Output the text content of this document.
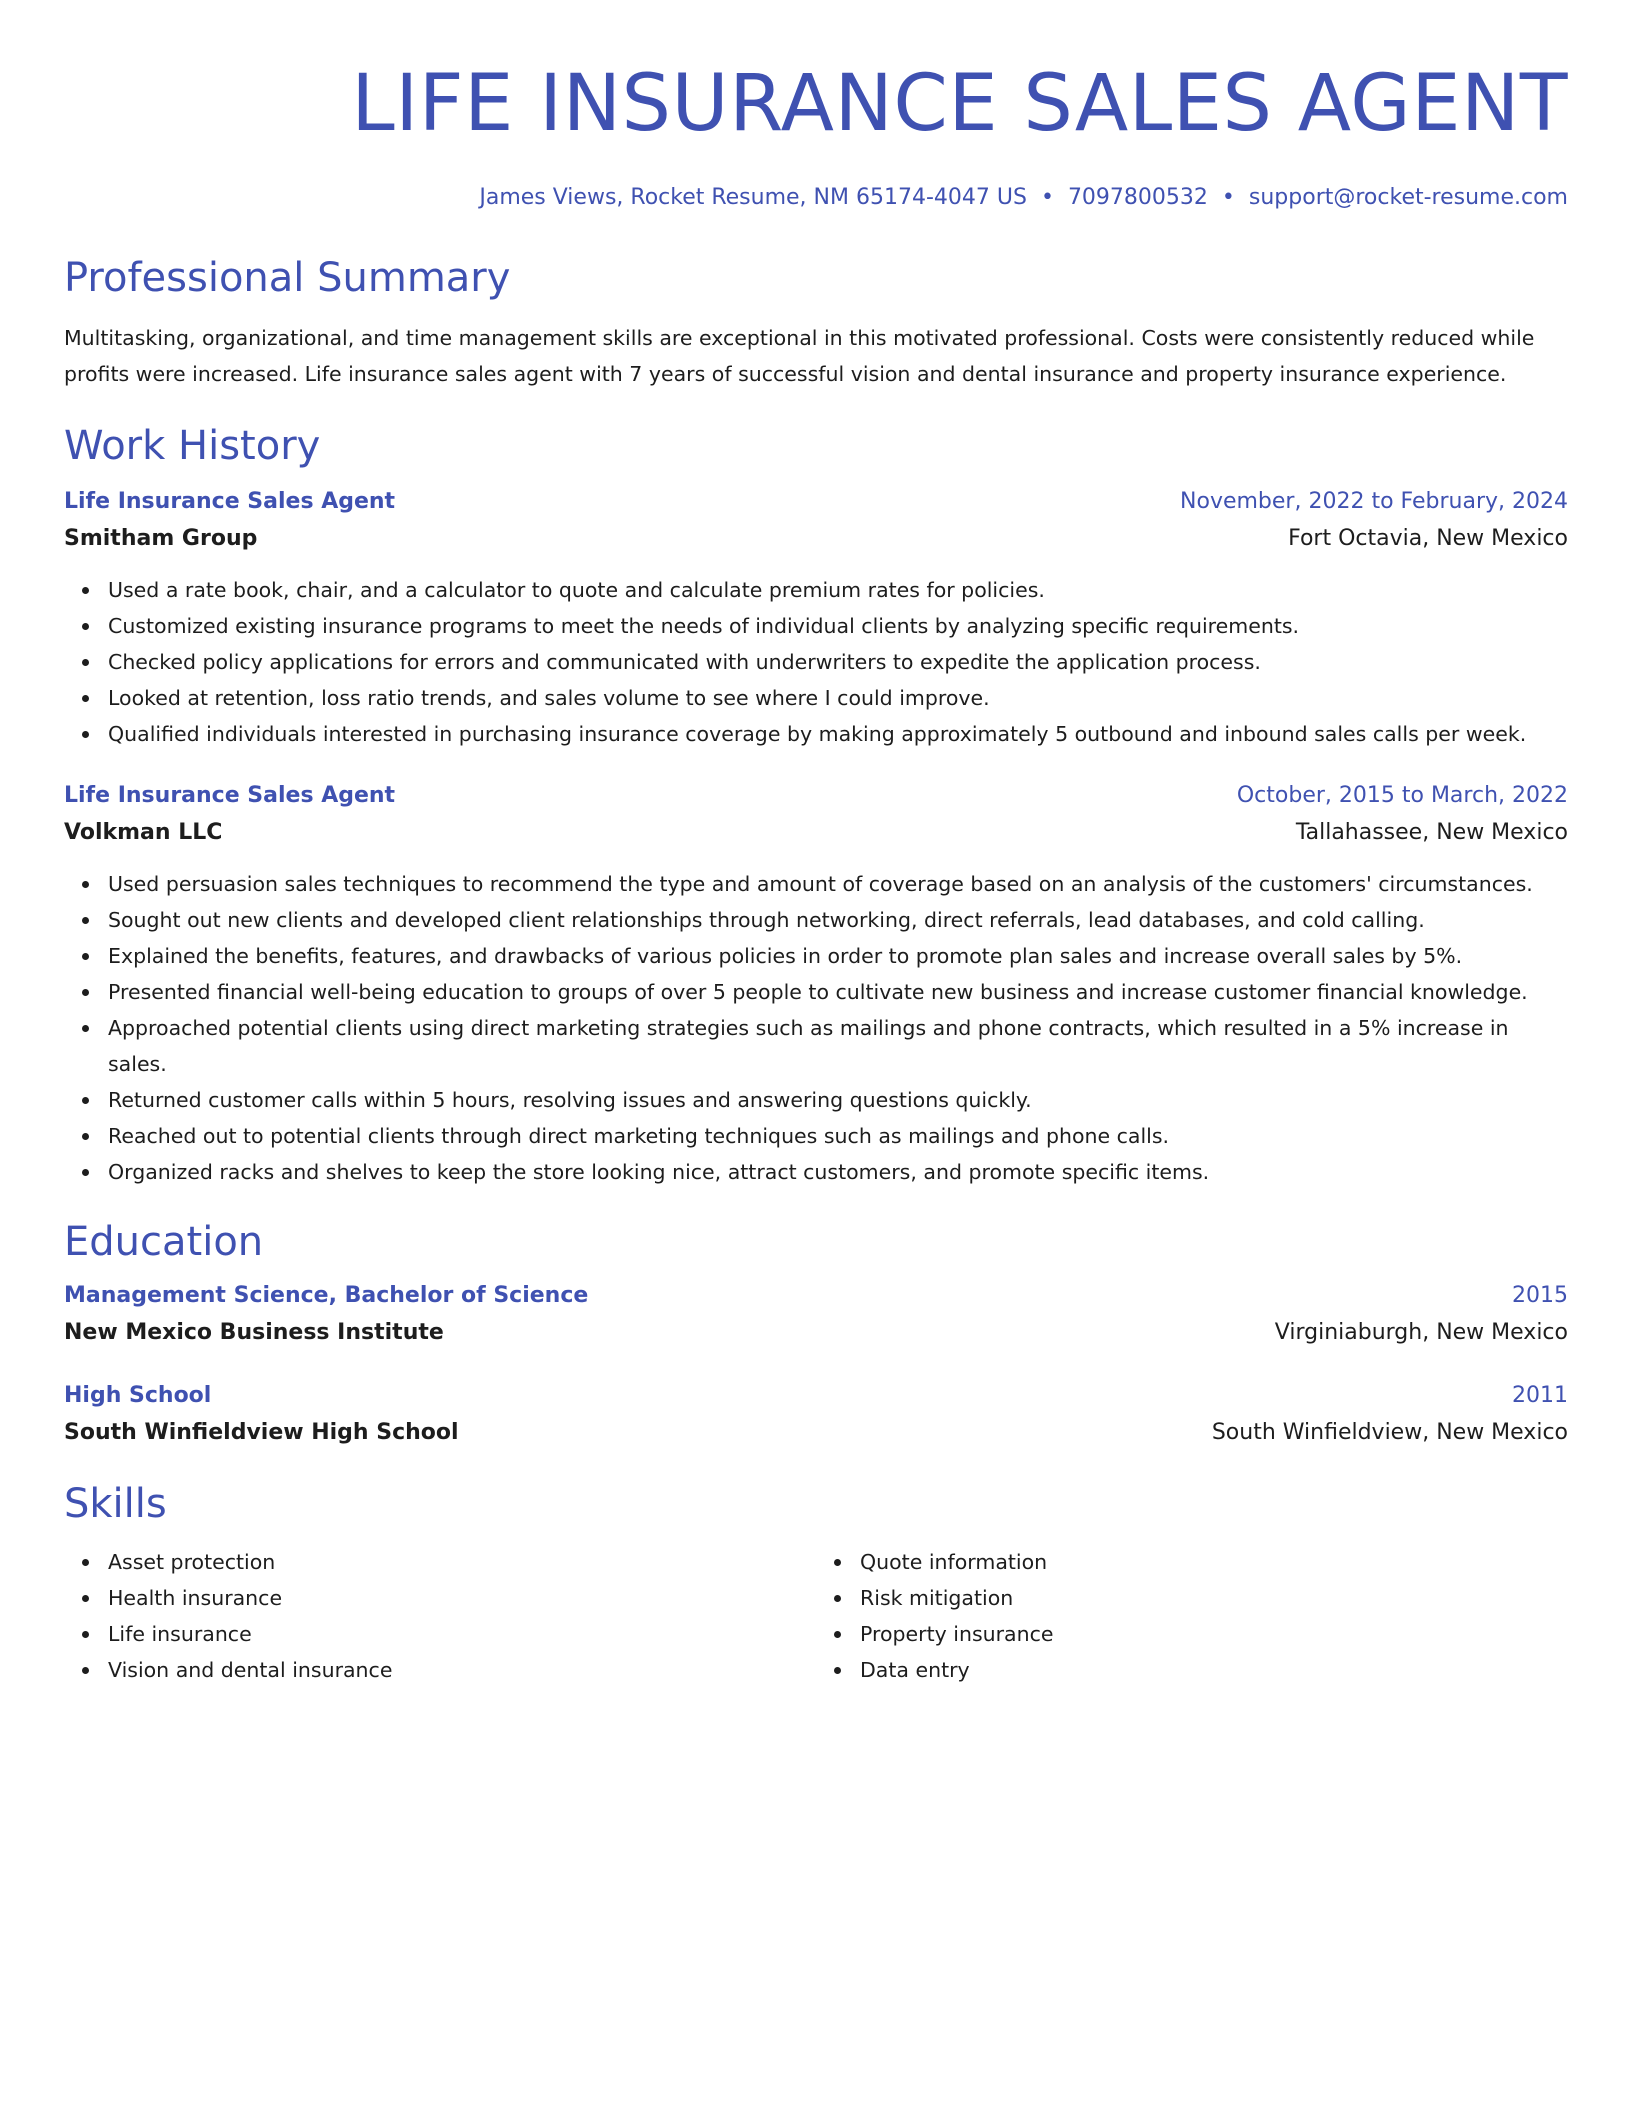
LIFE INSURANCE SALES AGENT
James Views, Rocket Resume, NM 65174-4047 US • 7097800532 • support@rocket-resume.com
Professional Summary
Multitasking, organizational, and time management skills are exceptional in this motivated professional. Costs were consistently reduced while profits were increased. Life insurance sales agent with 7 years of successful vision and dental insurance and property insurance experience.
Work History
Life Insurance Sales Agent	November, 2022 to February, 2024
Smitham Group	Fort Octavia, New Mexico
Used a rate book, chair, and a calculator to quote and calculate premium rates for policies.
Customized existing insurance programs to meet the needs of individual clients by analyzing specific requirements.
Checked policy applications for errors and communicated with underwriters to expedite the application process.
Looked at retention, loss ratio trends, and sales volume to see where I could improve.
Qualified individuals interested in purchasing insurance coverage by making approximately 5 outbound and inbound sales calls per week.
Life Insurance Sales Agent	October, 2015 to March, 2022
Volkman LLC	Tallahassee, New Mexico
Used persuasion sales techniques to recommend the type and amount of coverage based on an analysis of the customers' circumstances.
Sought out new clients and developed client relationships through networking, direct referrals, lead databases, and cold calling.
Explained the benefits, features, and drawbacks of various policies in order to promote plan sales and increase overall sales by 5%.
Presented financial well-being education to groups of over 5 people to cultivate new business and increase customer financial knowledge.
Approached potential clients using direct marketing strategies such as mailings and phone contracts, which resulted in a 5% increase in sales.
Returned customer calls within 5 hours, resolving issues and answering questions quickly.
Reached out to potential clients through direct marketing techniques such as mailings and phone calls.
Organized racks and shelves to keep the store looking nice, attract customers, and promote specific items.
Education
Management Science, Bachelor of Science	2015
New Mexico Business Institute	Virginiaburgh, New Mexico
High School	2011
South Winfieldview High School	South Winfieldview, New Mexico
Skills
Asset protection
Health insurance
Life insurance
Vision and dental insurance
Quote information
Risk mitigation
Property insurance
Data entry
